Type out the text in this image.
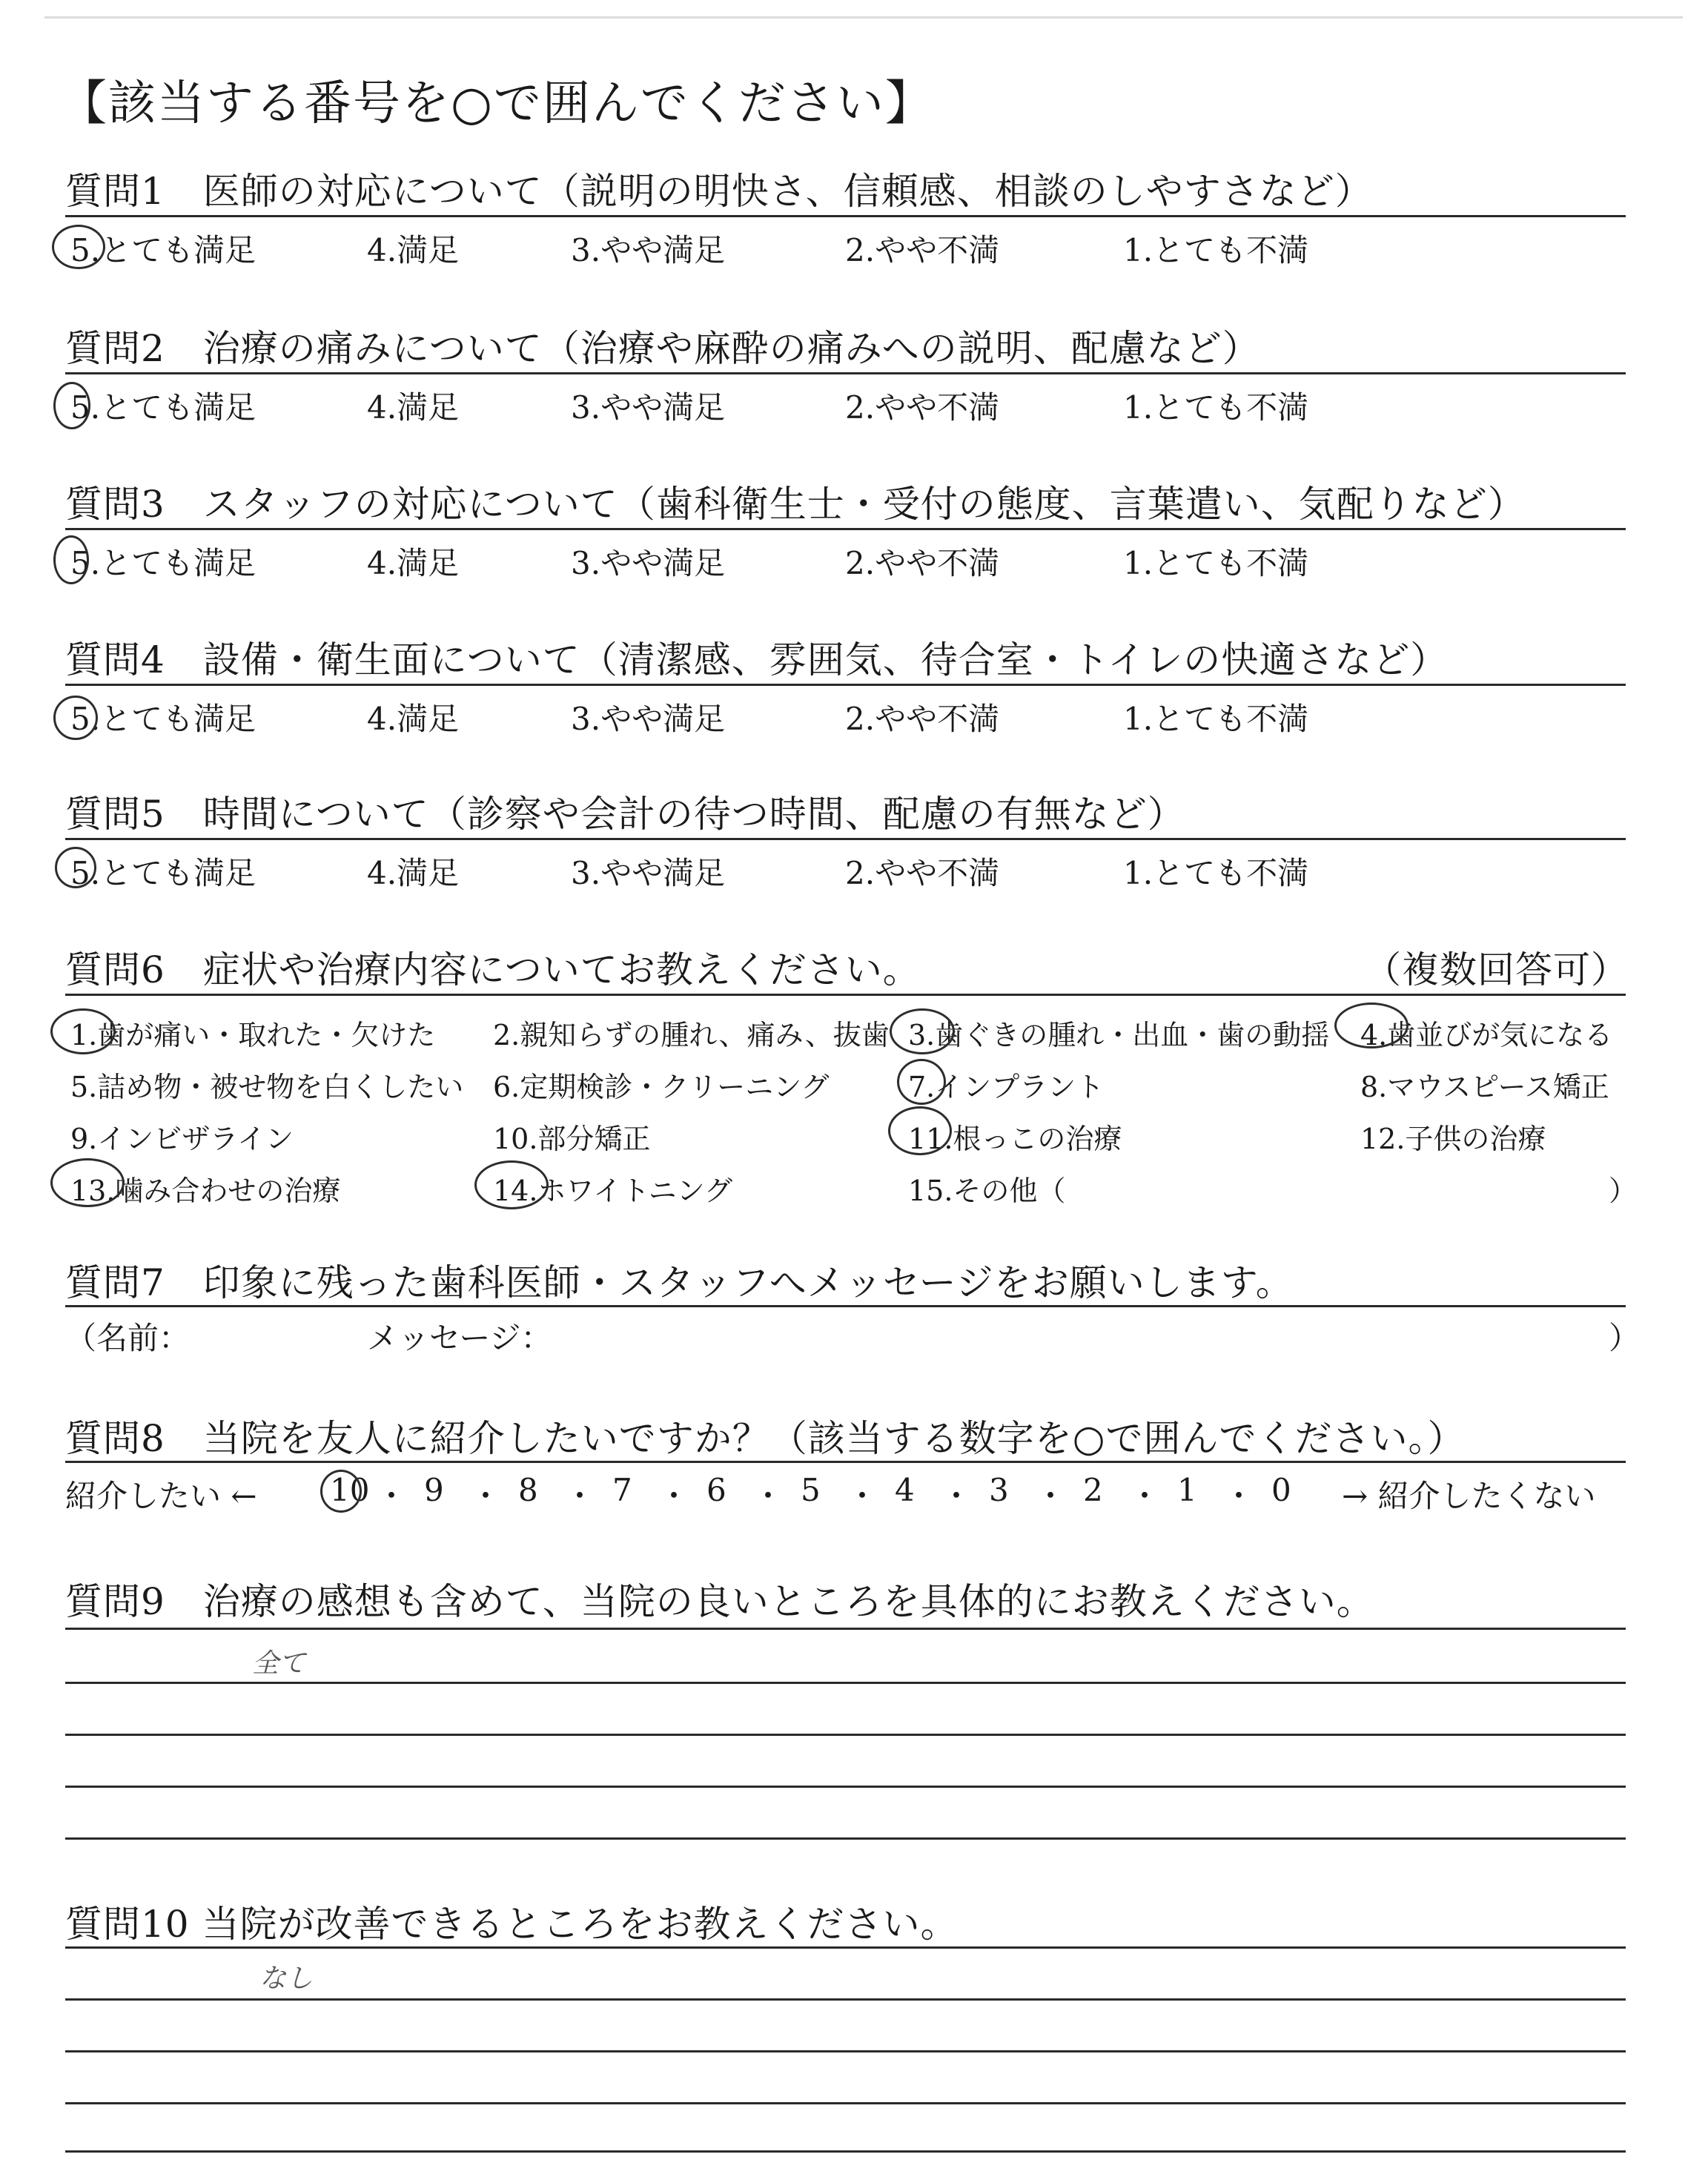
【該当する番号を○で囲んでください】
質問1　医師の対応について（説明の明快さ、信頼感、相談のしやすさなど）
5.とても満足	4.満足	3.やや満足	2.やや不満	1.とても不満
質問2　治療の痛みについて（治療や麻酔の痛みへの説明、配慮など）
5.とても満足	4.満足	3.やや満足	2.やや不満	1.とても不満
質問3　スタッフの対応について（歯科衛生士・受付の態度、言葉遣い、気配りなど）
5.とても満足	4.満足	3.やや満足	2.やや不満	1.とても不満
質問4　設備・衛生面について（清潔感、雰囲気、待合室・トイレの快適さなど）
5.とても満足	4.満足	3.やや満足	2.やや不満	1.とても不満
質問5　時間について（診察や会計の待つ時間、配慮の有無など）
5.とても満足	4.満足	3.やや満足	2.やや不満	1.とても不満
質問6　症状や治療内容についてお教えください。	（複数回答可）
1.歯が痛い・取れた・欠けた 2.親知らずの腫れ、痛み、抜歯 3.歯ぐきの腫れ・出血・歯の動揺 4.歯並びが気になる
5.詰め物・被せ物を白くしたい 6.定期検診・クリーニング	7.インプラント	8.マウスピース矯正
9.インビザライン	10.部分矯正	11.根っこの治療	12.子供の治療
13.噛み合わせの治療	14.ホワイトニング	15.その他（	）
質問7　印象に残った歯科医師・スタッフへメッセージをお願いします。
（名前：	メッセージ：	）
質問8　当院を友人に紹介したいですか？（該当する数字を○で囲んでください。）
紹介したい ←	→ 紹介したくない
10 ・ 9 ・ 8 ・ 7 ・ 6 ・ 5 ・ 4 ・ 3 ・ 2 ・ 1 ・ 0
質問9　治療の感想も含めて、当院の良いところを具体的にお教えください。
全て
質問10 当院が改善できるところをお教えください。
なし
